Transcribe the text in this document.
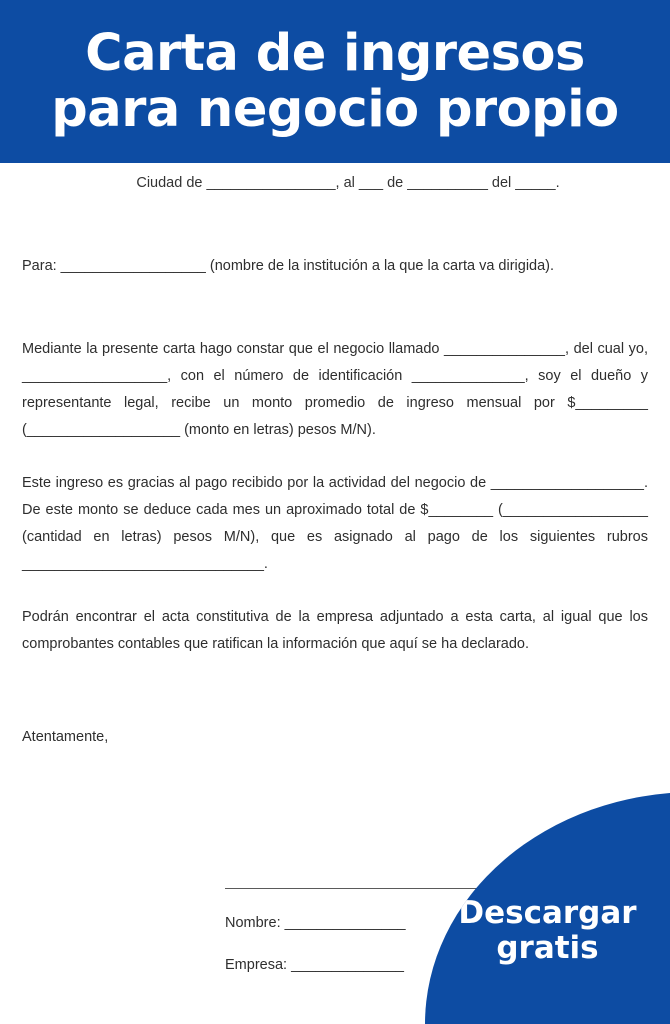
Carta de ingresos
para negocio propio
Ciudad de ________________, al ___ de __________ del _____.
Para: __________________ (nombre de la institución a la que la carta va dirigida).
Mediante la presente carta hago constar que el negocio llamado _______________, del cual yo, __________________, con el número de identificación ______________, soy el dueño y representante legal, recibe un monto promedio de ingreso mensual por $_________ (___________________ (monto en letras) pesos M/N).
Este ingreso es gracias al pago recibido por la actividad del negocio de ___________________. De este monto se deduce cada mes un aproximado total de $________ (__________________ (cantidad en letras) pesos M/N), que es asignado al pago de los siguientes rubros ______________________________.
Podrán encontrar el acta constitutiva de la empresa adjuntado a esta carta, al igual que los comprobantes contables que ratifican la información que aquí se ha declarado.
Atentamente,
Nombre: _______________
Empresa: ______________
Descargar
gratis
